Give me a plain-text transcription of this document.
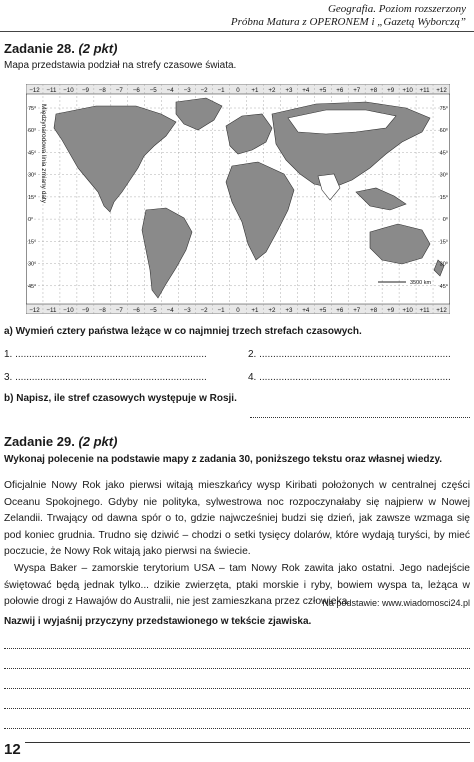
Geografia. Poziom rozszerzony
Próbna Matura z OPERONEM i „Gazetą Wyborczą”
Zadanie 28. (2 pkt)
Mapa przedstawia podział na strefy czasowe świata.
−12 −11 −10 −9 −8 −7 −6 −5 −4 −3 −2 −1 0 +1 +2 +3 +4 +5 +6 +7 +8 +9 +10 +11 +12
−12 −11 −10 −9 −8 −7 −6 −5 −4 −3 −2 −1 0 +1 +2 +3 +4 +5 +6 +7 +8 +9 +10 +11 +12
75°
60°
45°
30°
15°
0°
15°
30°
45°
75°
60°
45°
30°
15°
0°
15°
30°
45°
Międzynarodowa linia zmiany daty
3500 km
a) Wymień cztery państwa leżące w co najmniej trzech strefach czasowych.
1. .....................................................................	2. .....................................................................
3. .....................................................................	4. .....................................................................
b) Napisz, ile stref czasowych występuje w Rosji.
Zadanie 29. (2 pkt)
Wykonaj polecenie na podstawie mapy z zadania 30, poniższego tekstu oraz własnej wiedzy.

Oficjalnie Nowy Rok jako pierwsi witają mieszkańcy wysp Kiribati położonych w centralnej części Oceanu Spokojnego. Gdyby nie polityka, sylwestrowa noc rozpoczynałaby się najpierw w Nowej Zelandii. Trwający od dawna spór o to, gdzie najwcześniej budzi się dzień, jak zawsze wzmaga się pod koniec grudnia. Trudno się dziwić – chodzi o setki tysięcy dolarów, które wydają turyści, by mieć poczucie, że Nowy Rok witają jako pierwsi na świecie.

Wyspa Baker – zamorskie terytorium USA – tam Nowy Rok zawita jako ostatni. Jego nadejście świętować będą jednak tylko... dzikie zwierzęta, ptaki morskie i ryby, bowiem wyspa ta, leżąca w połowie drogi z Hawajów do Australii, nie jest zamieszkana przez człowieka.

Na podstawie: www.wiadomosci24.pl
Nazwij i wyjaśnij przyczyny przedstawionego w tekście zjawiska.
12
